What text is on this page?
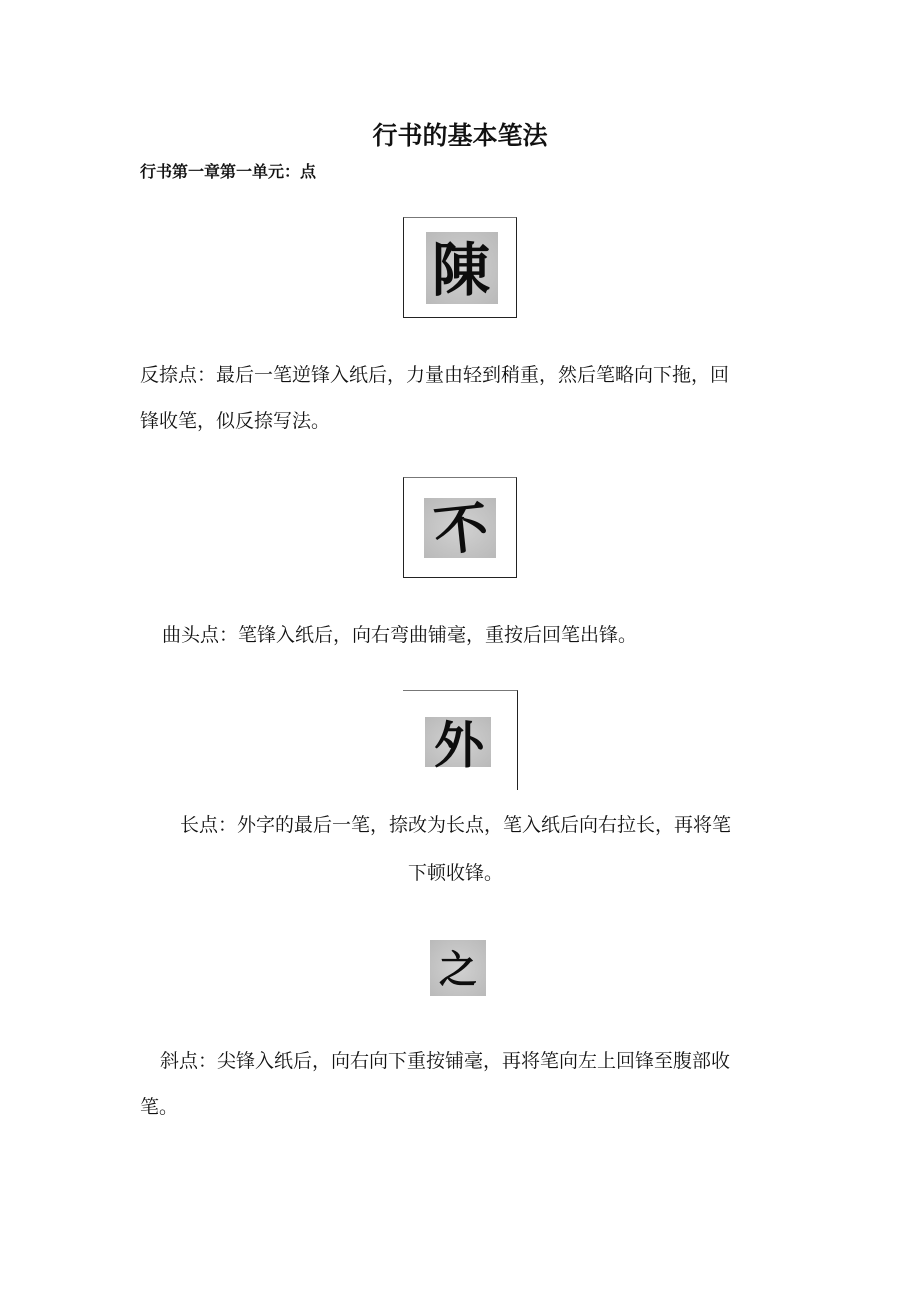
行书的基本笔法

行书第一章第一单元：点

陳

反捺点：最后一笔逆锋入纸后，力量由轻到稍重，然后笔略向下拖，回

锋收笔，似反捺写法。

不

曲头点：笔锋入纸后，向右弯曲铺毫，重按后回笔出锋。

外

长点：外字的最后一笔，捺改为长点，笔入纸后向右拉长，再将笔

下顿收锋。

之

斜点：尖锋入纸后，向右向下重按铺毫，再将笔向左上回锋至腹部收

笔。
